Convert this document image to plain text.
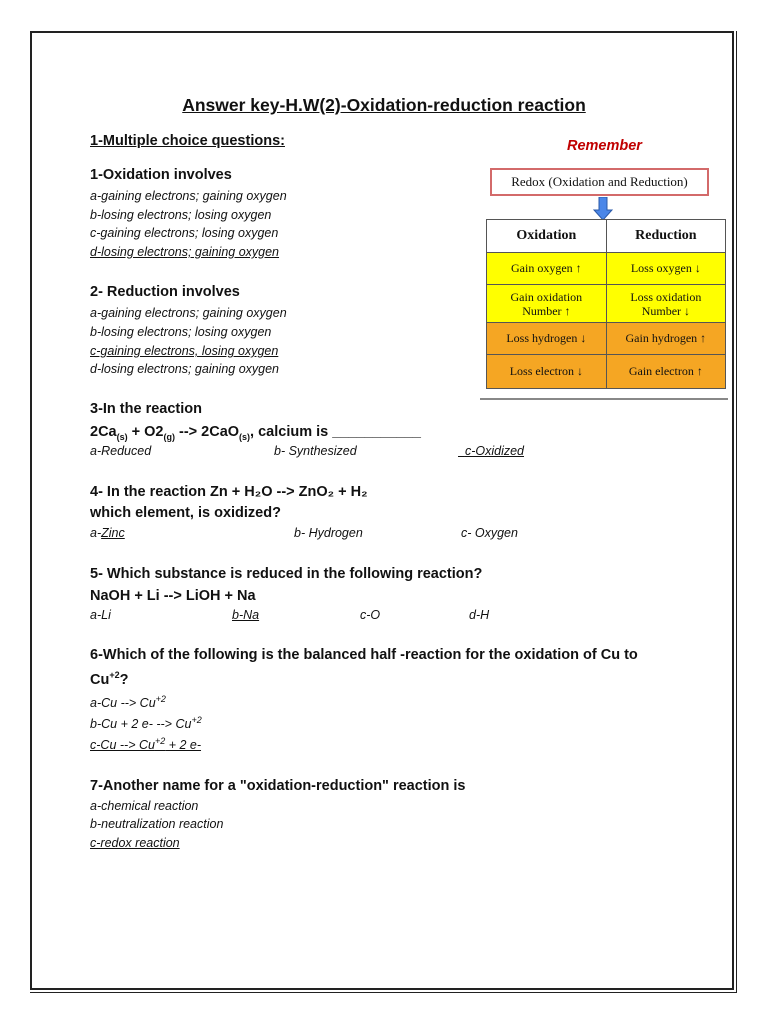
Answer key-H.W(2)-Oxidation-reduction reaction
1-Multiple choice questions:	Remember
Redox (Oxidation and Reduction)
Oxidation	Reduction
Gain oxygen ↑	Loss oxygen ↓
Gain oxidation Number ↑	Loss oxidation Number ↓
Loss hydrogen ↓	Gain hydrogen ↑
Loss electron ↓	Gain electron ↑
1-Oxidation involves
a-gaining electrons; gaining oxygen
b-losing electrons; losing oxygen
c-gaining electrons; losing oxygen
d-losing electrons; gaining oxygen
2- Reduction involves
a-gaining electrons; gaining oxygen
b-losing electrons; losing oxygen
c-gaining electrons, losing oxygen
d-losing electrons; gaining oxygen
3-In the reaction
$2Ca_{(s)} + O2_{(g)}$ --> 2CaO$_{(s)}$, calcium is ___________
a-Reduced	b- Synthesized	c-Oxidized
4- In the reaction Zn + H₂O --> ZnO₂ + H₂
which element, is oxidized?
a-Zinc	b- Hydrogen	c- Oxygen
5- Which substance is reduced in the following reaction?
NaOH + Li --> LiOH + Na
a-Li	b-Na	c-O	d-H
6-Which of the following is the balanced half -reaction for the oxidation of Cu to
$Cu^{+2}$?
a-Cu --> $Cu^{+2}$
b-Cu + 2 e- --> $Cu^{+2}$
c-Cu --> $Cu^{+2} + 2$ e-
7-Another name for a "oxidation-reduction" reaction is
a-chemical reaction
b-neutralization reaction
c-redox reaction
